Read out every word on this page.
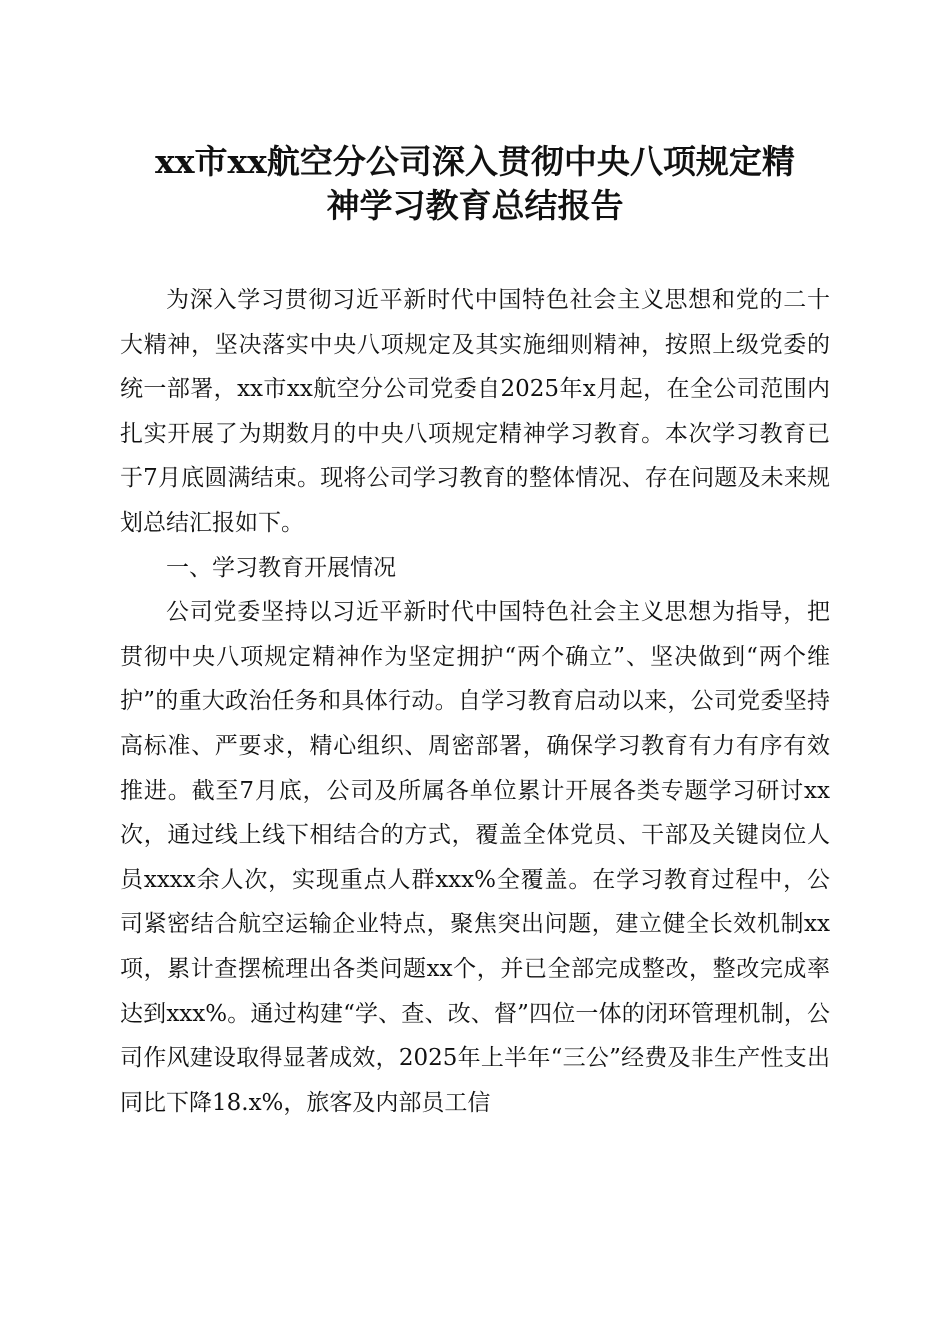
xx市xx航空分公司深入贯彻中央八项规定精
神学习教育总结报告

为深入学习贯彻习近平新时代中国特色社会主义思想和党的二十大精神，坚决落实中央八项规定及其实施细则精神，按照上级党委的统一部署，xx市xx航空分公司党委自2025年x月起，在全公司范围内扎实开展了为期数月的中央八项规定精神学习教育。本次学习教育已于7月底圆满结束。现将公司学习教育的整体情况、存在问题及未来规划总结汇报如下。

一、学习教育开展情况

公司党委坚持以习近平新时代中国特色社会主义思想为指导，把贯彻中央八项规定精神作为坚定拥护“两个确立”、坚决做到“两个维护”的重大政治任务和具体行动。自学习教育启动以来，公司党委坚持高标准、严要求，精心组织、周密部署，确保学习教育有力有序有效推进。截至7月底，公司及所属各单位累计开展各类专题学习研讨xx次，通过线上线下相结合的方式，覆盖全体党员、干部及关键岗位人员xxxx余人次，实现重点人群xxx%全覆盖。在学习教育过程中，公司紧密结合航空运输企业特点，聚焦突出问题，建立健全长效机制xx项，累计查摆梳理出各类问题xx个，并已全部完成整改，整改完成率达到xxx%。通过构建“学、查、改、督”四位一体的闭环管理机制，公司作风建设取得显著成效，2025年上半年“三公”经费及非生产性支出同比下降18.x%，旅客及内部员工信
